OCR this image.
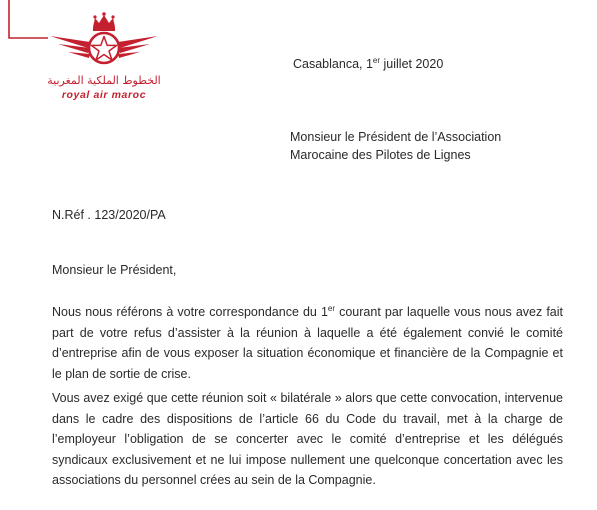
الخطوط الملكية المغربية
royal air maroc
Casablanca, 1er juillet 2020
Monsieur le Président de l’Association
Marocaine des Pilotes de Lignes
N.Réf . 123/2020/PA
Monsieur le Président,
Nous nous référons à votre correspondance du 1er courant par laquelle vous nous avez fait part de votre refus d’assister à la réunion à laquelle a été également convié le comité d’entreprise afin de vous exposer la situation économique et financière de la Compagnie et le plan de sortie de crise.
Vous avez exigé que cette réunion soit « bilatérale » alors que cette convocation, intervenue dans le cadre des dispositions de l’article 66 du Code du travail, met à la charge de l’employeur l’obligation de se concerter avec le comité d’entreprise et les délégués syndicaux exclusivement et ne lui impose nullement une quelconque concertation avec les associations du personnel crées au sein de la Compagnie.
